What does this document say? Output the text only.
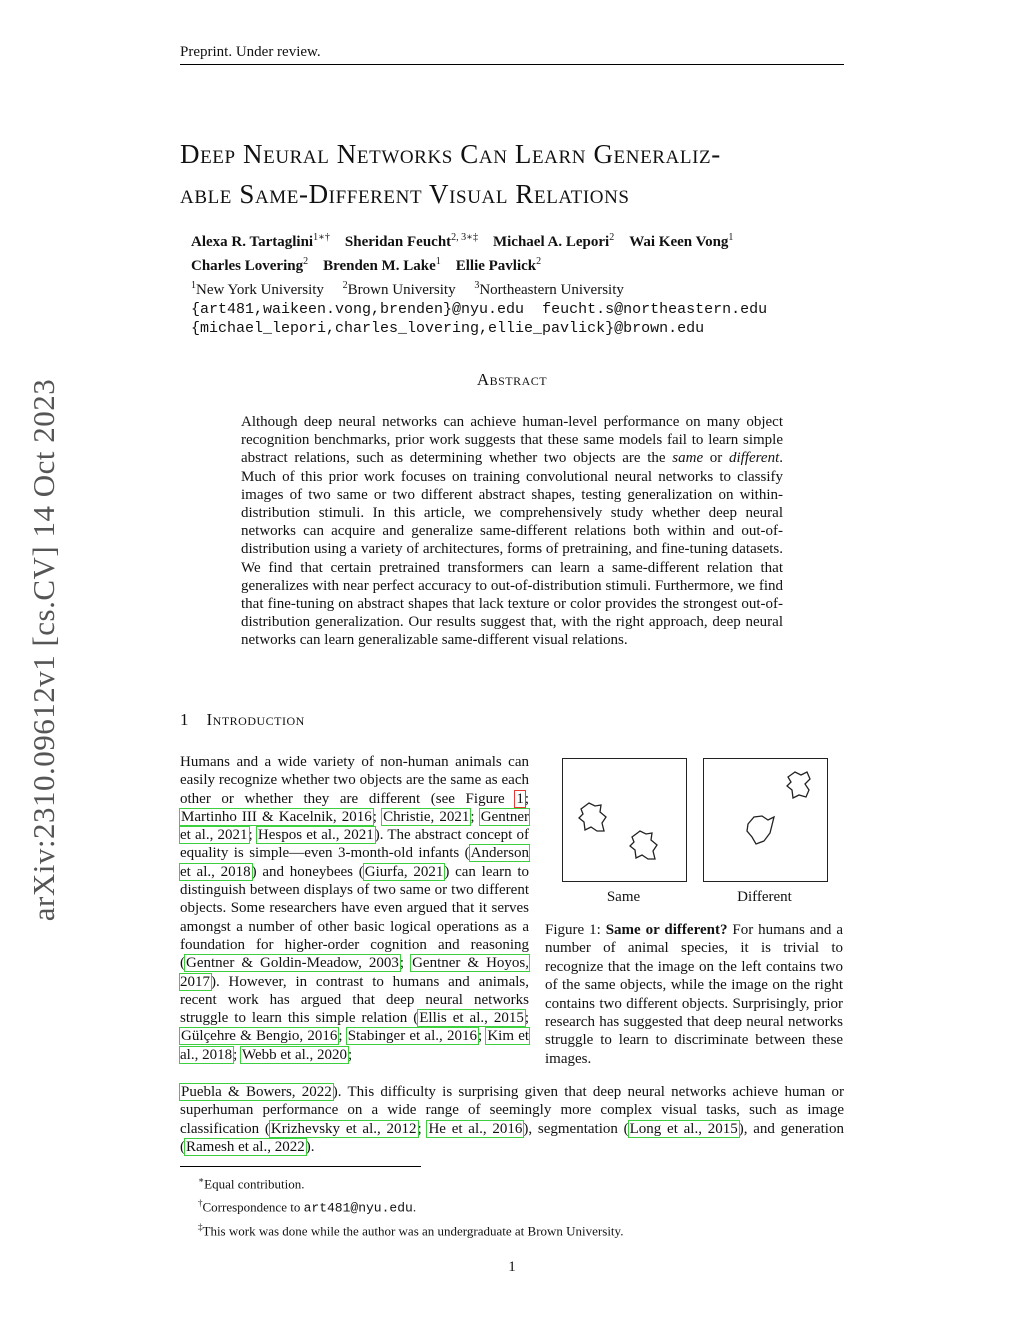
Preprint. Under review.
arXiv:2310.09612v1 [cs.CV] 14 Oct 2023
Deep Neural Networks Can Learn Generaliz-
able Same-Different Visual Relations
Alexa R. Tartaglini$^{1∗\dagger}$ Sheridan Feucht$^{2, 3∗\ddagger}$ Michael A. Lepori$^2$ Wai Keen Vong$^1$
Charles Lovering$^2$ Brenden M. Lake$^1$ Ellie Pavlick$^2$
$^1$New York University $^2$Brown University $^3$Northeastern University
{art481,waikeen.vong,brenden}@nyu.edu feucht.s@northeastern.edu
{michael_lepori,charles_lovering,ellie_pavlick}@brown.edu
Abstract
Although deep neural networks can achieve human-level performance on many object recognition benchmarks, prior work suggests that these same models fail to learn simple abstract relations, such as determining whether two objects are the same or different. Much of this prior work focuses on training convolutional neural networks to classify images of two same or two different abstract shapes, testing generalization on within-distribution stimuli. In this article, we comprehensively study whether deep neural networks can acquire and generalize same-different relations both within and out-of-distribution using a variety of architectures, forms of pretraining, and fine-tuning datasets. We find that certain pretrained transformers can learn a same-different relation that generalizes with near perfect accuracy to out-of-distribution stimuli. Furthermore, we find that fine-tuning on abstract shapes that lack texture or color provides the strongest out-of-distribution generalization. Our results suggest that, with the right approach, deep neural networks can learn generalizable same-different visual relations.
1 Introduction
Humans and a wide variety of non-human animals can easily recognize whether two objects are the same as each other or whether they are different (see Figure 1; Martinho III & Kacelnik, 2016; Christie, 2021; Gentner et al., 2021; Hespos et al., 2021). The abstract concept of equality is simple—even 3-month-old infants (Anderson et al., 2018) and honeybees (Giurfa, 2021) can learn to distinguish between displays of two same or two different objects. Some researchers have even argued that it serves amongst a number of other basic logical operations as a foundation for higher-order cognition and reasoning (Gentner & Goldin-Meadow, 2003; Gentner & Hoyos, 2017). However, in contrast to humans and animals, recent work has argued that deep neural networks struggle to learn this simple relation (Ellis et al., 2015; Gülçehre & Bengio, 2016; Stabinger et al., 2016; Kim et al., 2018; Webb et al., 2020;
Puebla & Bowers, 2022). This difficulty is surprising given that deep neural networks achieve human or superhuman performance on a wide range of seemingly more complex visual tasks, such as image classification (Krizhevsky et al., 2012; He et al., 2016), segmentation (Long et al., 2015), and generation (Ramesh et al., 2022).
Same	Different
Figure 1: Same or different? For humans and a number of animal species, it is trivial to recognize that the image on the left contains two of the same objects, while the image on the right contains two different objects. Surprisingly, prior research has suggested that deep neural networks struggle to learn to discriminate between these images.
∗Equal contribution.
†Correspondence to art481@nyu.edu.
‡This work was done while the author was an undergraduate at Brown University.
1
